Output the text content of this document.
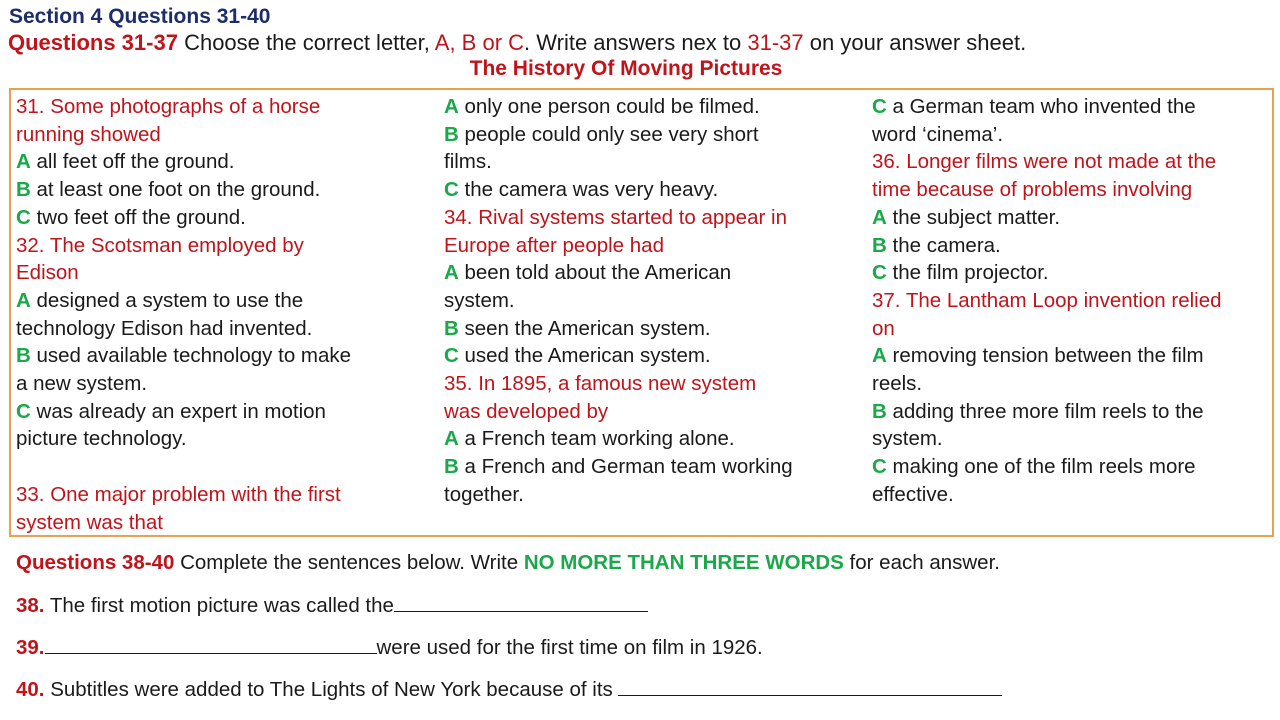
Section 4 Questions 31-40
Questions 31-37 Choose the correct letter, A, B or C. Write answers nex to 31-37 on your answer sheet.
The History Of Moving Pictures
31. Some photographs of a horse
running showed
A all feet off the ground.
B at least one foot on the ground.
C two feet off the ground.
32. The Scotsman employed by
Edison
A designed a system to use the
technology Edison had invented.
B used available technology to make
a new system.
C was already an expert in motion
picture technology.
33. One major problem with the first
system was that
A only one person could be filmed.
B people could only see very short
films.
C the camera was very heavy.
34. Rival systems started to appear in
Europe after people had
A been told about the American
system.
B seen the American system.
C used the American system.
35. In 1895, a famous new system
was developed by
A a French team working alone.
B a French and German team working
together.
C a German team who invented the
word ‘cinema’.
36. Longer films were not made at the
time because of problems involving
A the subject matter.
B the camera.
C the film projector.
37. The Lantham Loop invention relied
on
A removing tension between the film
reels.
B adding three more film reels to the
system.
C making one of the film reels more
effective.
Questions 38-40 Complete the sentences below. Write NO MORE THAN THREE WORDS for each answer.
38. The first motion picture was called the
39.	were used for the first time on film in 1926.
40. Subtitles were added to The Lights of New York because of its
